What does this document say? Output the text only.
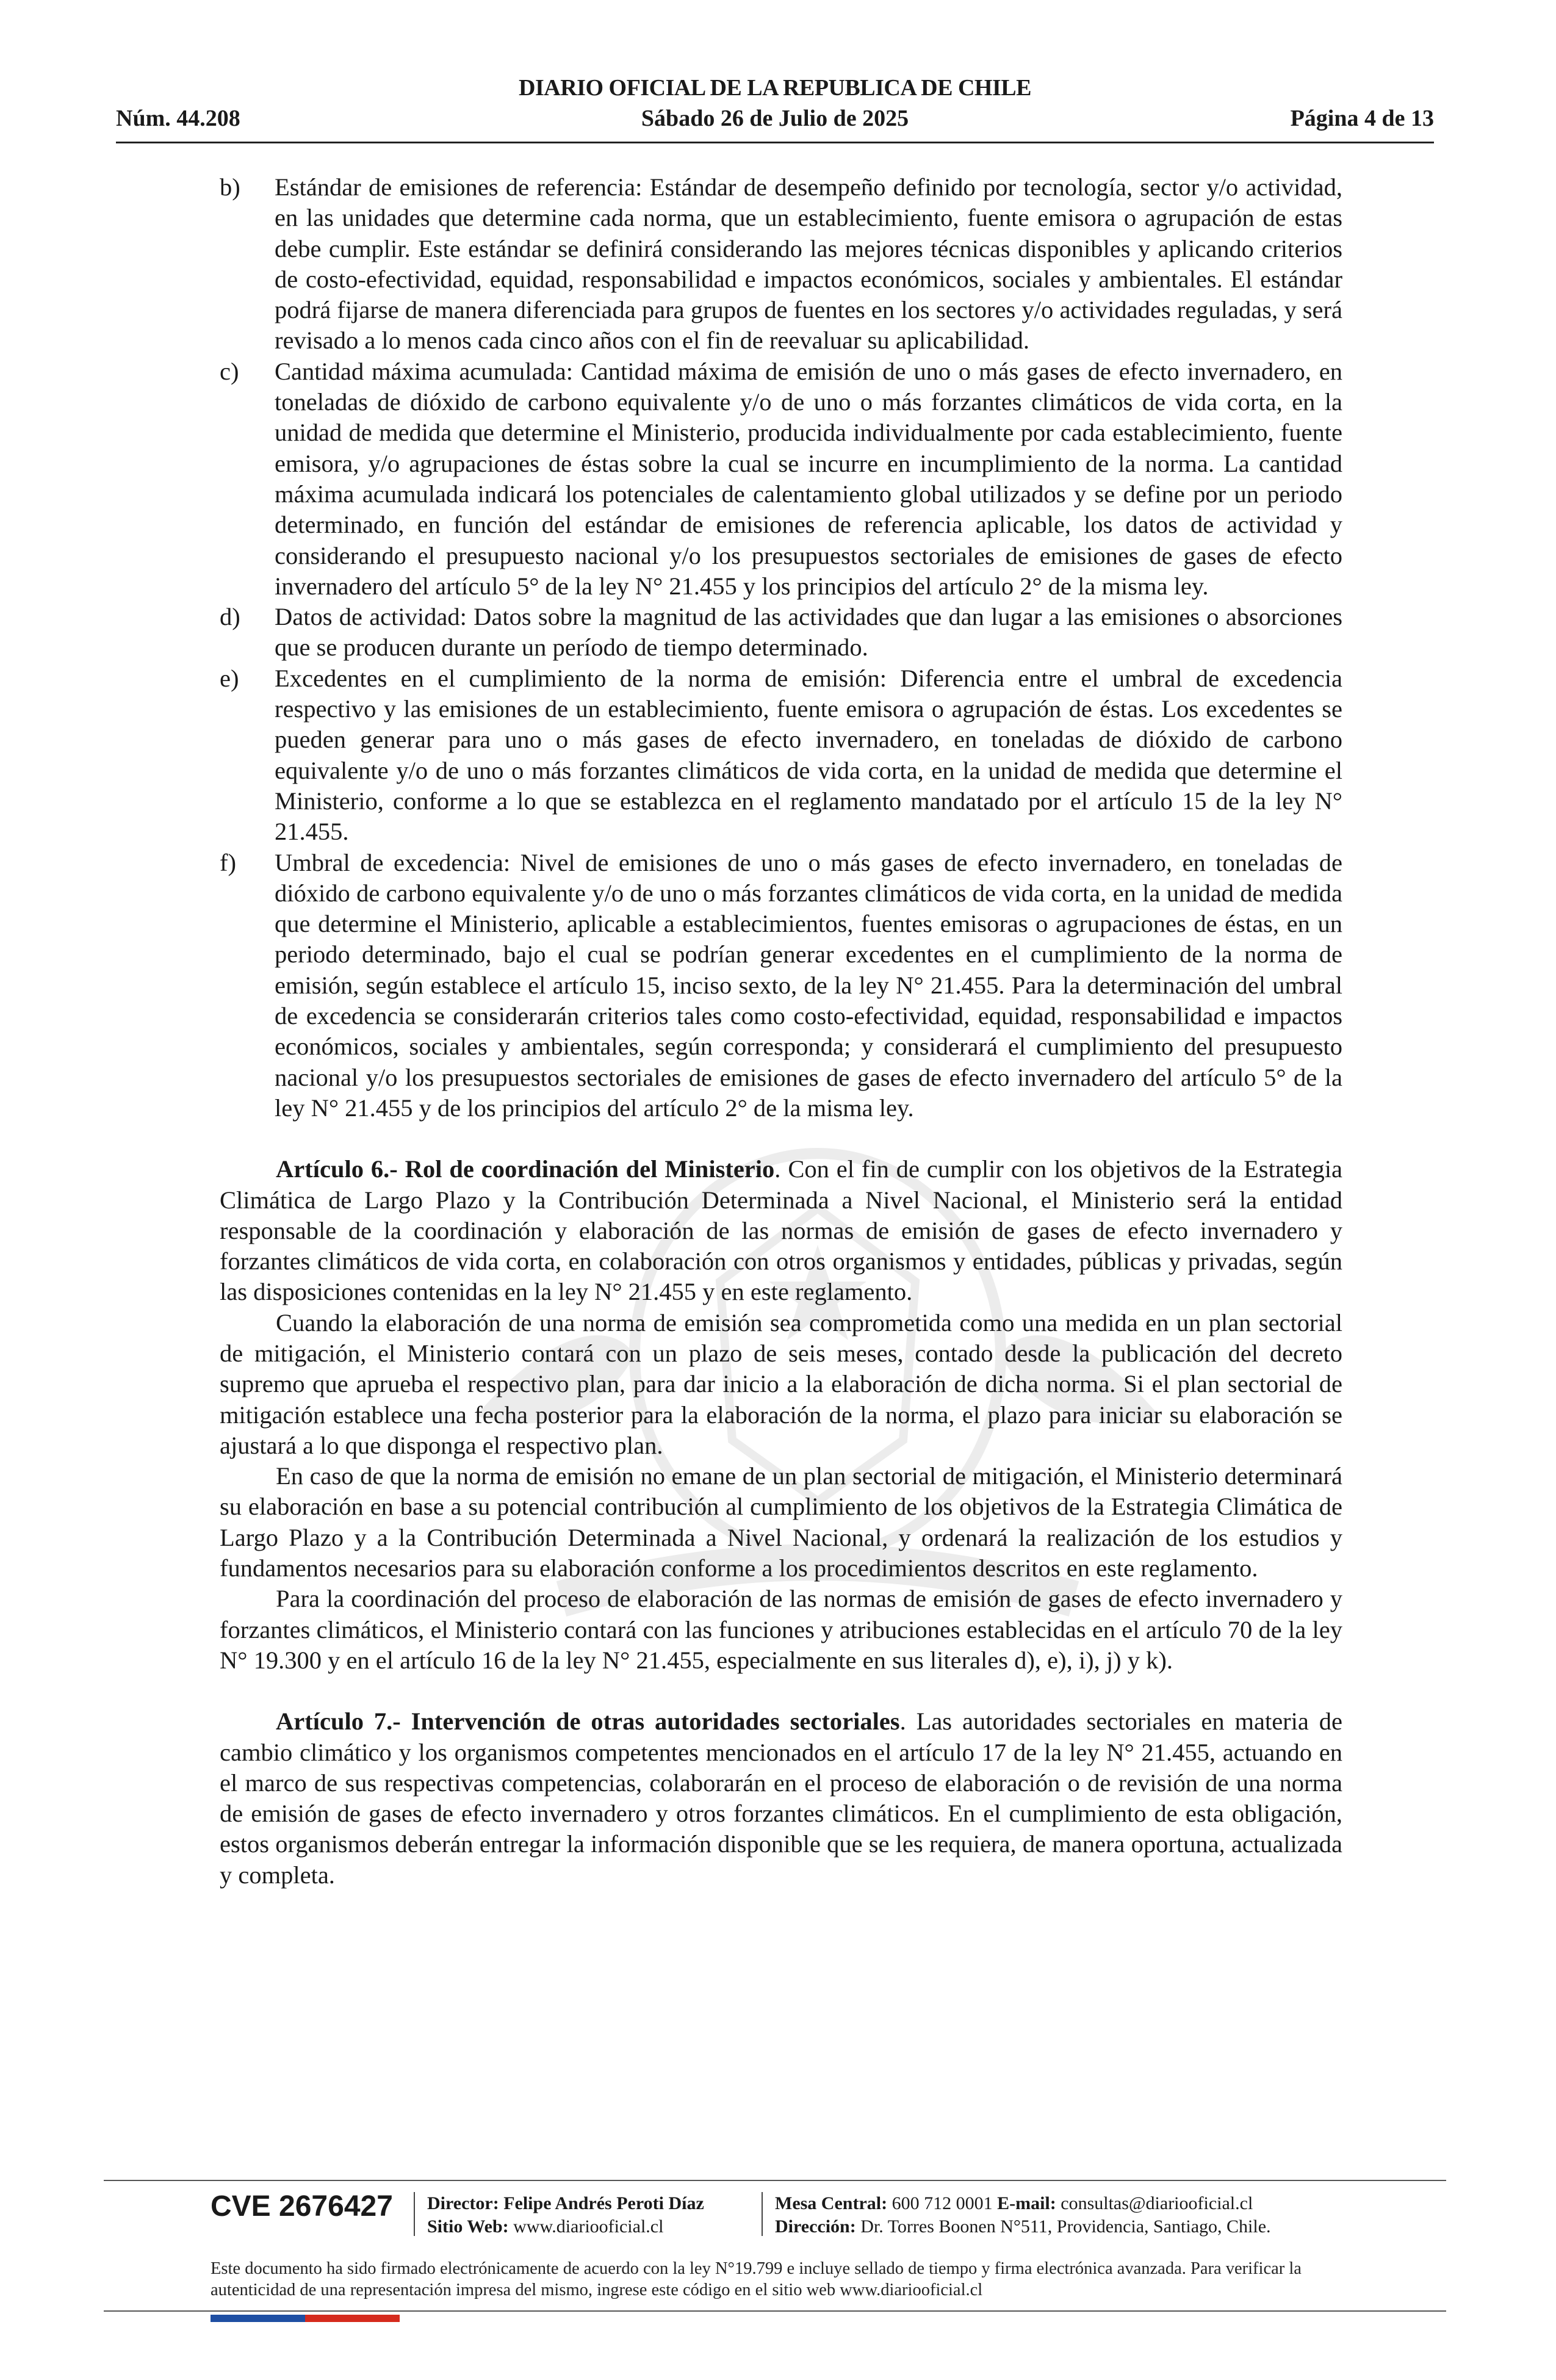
DIARIO OFICIAL DE LA REPUBLICA DE CHILE
Núm. 44.208	Sábado 26 de Julio de 2025	Página 4 de 13
b)	Estándar de emisiones de referencia: Estándar de desempeño definido por tecnología, sector y/o actividad, en las unidades que determine cada norma, que un establecimiento, fuente emisora o agrupación de estas debe cumplir. Este estándar se definirá considerando las mejores técnicas disponibles y aplicando criterios de costo-efectividad, equidad, responsabilidad e impactos económicos, sociales y ambientales. El estándar podrá fijarse de manera diferenciada para grupos de fuentes en los sectores y/o actividades reguladas, y será revisado a lo menos cada cinco años con el fin de reevaluar su aplicabilidad.
c)	Cantidad máxima acumulada: Cantidad máxima de emisión de uno o más gases de efecto invernadero, en toneladas de dióxido de carbono equivalente y/o de uno o más forzantes climáticos de vida corta, en la unidad de medida que determine el Ministerio, producida individualmente por cada establecimiento, fuente emisora, y/o agrupaciones de éstas sobre la cual se incurre en incumplimiento de la norma. La cantidad máxima acumulada indicará los potenciales de calentamiento global utilizados y se define por un periodo determinado, en función del estándar de emisiones de referencia aplicable, los datos de actividad y considerando el presupuesto nacional y/o los presupuestos sectoriales de emisiones de gases de efecto invernadero del artículo 5° de la ley N° 21.455 y los principios del artículo 2° de la misma ley.
d)	Datos de actividad: Datos sobre la magnitud de las actividades que dan lugar a las emisiones o absorciones que se producen durante un período de tiempo determinado.
e)	Excedentes en el cumplimiento de la norma de emisión: Diferencia entre el umbral de excedencia respectivo y las emisiones de un establecimiento, fuente emisora o agrupación de éstas. Los excedentes se pueden generar para uno o más gases de efecto invernadero, en toneladas de dióxido de carbono equivalente y/o de uno o más forzantes climáticos de vida corta, en la unidad de medida que determine el Ministerio, conforme a lo que se establezca en el reglamento mandatado por el artículo 15 de la ley N° 21.455.
f)	Umbral de excedencia: Nivel de emisiones de uno o más gases de efecto invernadero, en toneladas de dióxido de carbono equivalente y/o de uno o más forzantes climáticos de vida corta, en la unidad de medida que determine el Ministerio, aplicable a establecimientos, fuentes emisoras o agrupaciones de éstas, en un periodo determinado, bajo el cual se podrían generar excedentes en el cumplimiento de la norma de emisión, según establece el artículo 15, inciso sexto, de la ley N° 21.455. Para la determinación del umbral de excedencia se considerarán criterios tales como costo-efectividad, equidad, responsabilidad e impactos económicos, sociales y ambientales, según corresponda; y considerará el cumplimiento del presupuesto nacional y/o los presupuestos sectoriales de emisiones de gases de efecto invernadero del artículo 5° de la ley N° 21.455 y de los principios del artículo 2° de la misma ley.

Artículo 6.- Rol de coordinación del Ministerio. Con el fin de cumplir con los objetivos de la Estrategia Climática de Largo Plazo y la Contribución Determinada a Nivel Nacional, el Ministerio será la entidad responsable de la coordinación y elaboración de las normas de emisión de gases de efecto invernadero y forzantes climáticos de vida corta, en colaboración con otros organismos y entidades, públicas y privadas, según las disposiciones contenidas en la ley N° 21.455 y en este reglamento.

Cuando la elaboración de una norma de emisión sea comprometida como una medida en un plan sectorial de mitigación, el Ministerio contará con un plazo de seis meses, contado desde la publicación del decreto supremo que aprueba el respectivo plan, para dar inicio a la elaboración de dicha norma. Si el plan sectorial de mitigación establece una fecha posterior para la elaboración de la norma, el plazo para iniciar su elaboración se ajustará a lo que disponga el respectivo plan.

En caso de que la norma de emisión no emane de un plan sectorial de mitigación, el Ministerio determinará su elaboración en base a su potencial contribución al cumplimiento de los objetivos de la Estrategia Climática de Largo Plazo y a la Contribución Determinada a Nivel Nacional, y ordenará la realización de los estudios y fundamentos necesarios para su elaboración conforme a los procedimientos descritos en este reglamento.

Para la coordinación del proceso de elaboración de las normas de emisión de gases de efecto invernadero y forzantes climáticos, el Ministerio contará con las funciones y atribuciones establecidas en el artículo 70 de la ley N° 19.300 y en el artículo 16 de la ley N° 21.455, especialmente en sus literales d), e), i), j) y k).

Artículo 7.- Intervención de otras autoridades sectoriales. Las autoridades sectoriales en materia de cambio climático y los organismos competentes mencionados en el artículo 17 de la ley N° 21.455, actuando en el marco de sus respectivas competencias, colaborarán en el proceso de elaboración o de revisión de una norma de emisión de gases de efecto invernadero y otros forzantes climáticos. En el cumplimiento de esta obligación, estos organismos deberán entregar la información disponible que se les requiera, de manera oportuna, actualizada y completa.

CVE 2676427 Director: Felipe Andrés Peroti Díaz
Sitio Web: www.diariooficial.cl
Mesa Central: 600 712 0001 E-mail: consultas@diariooficial.cl
Dirección: Dr. Torres Boonen N°511, Providencia, Santiago, Chile.
Este documento ha sido firmado electrónicamente de acuerdo con la ley N°19.799 e incluye sellado de tiempo y firma electrónica avanzada. Para verificar la autenticidad de una representación impresa del mismo, ingrese este código en el sitio web www.diariooficial.cl
